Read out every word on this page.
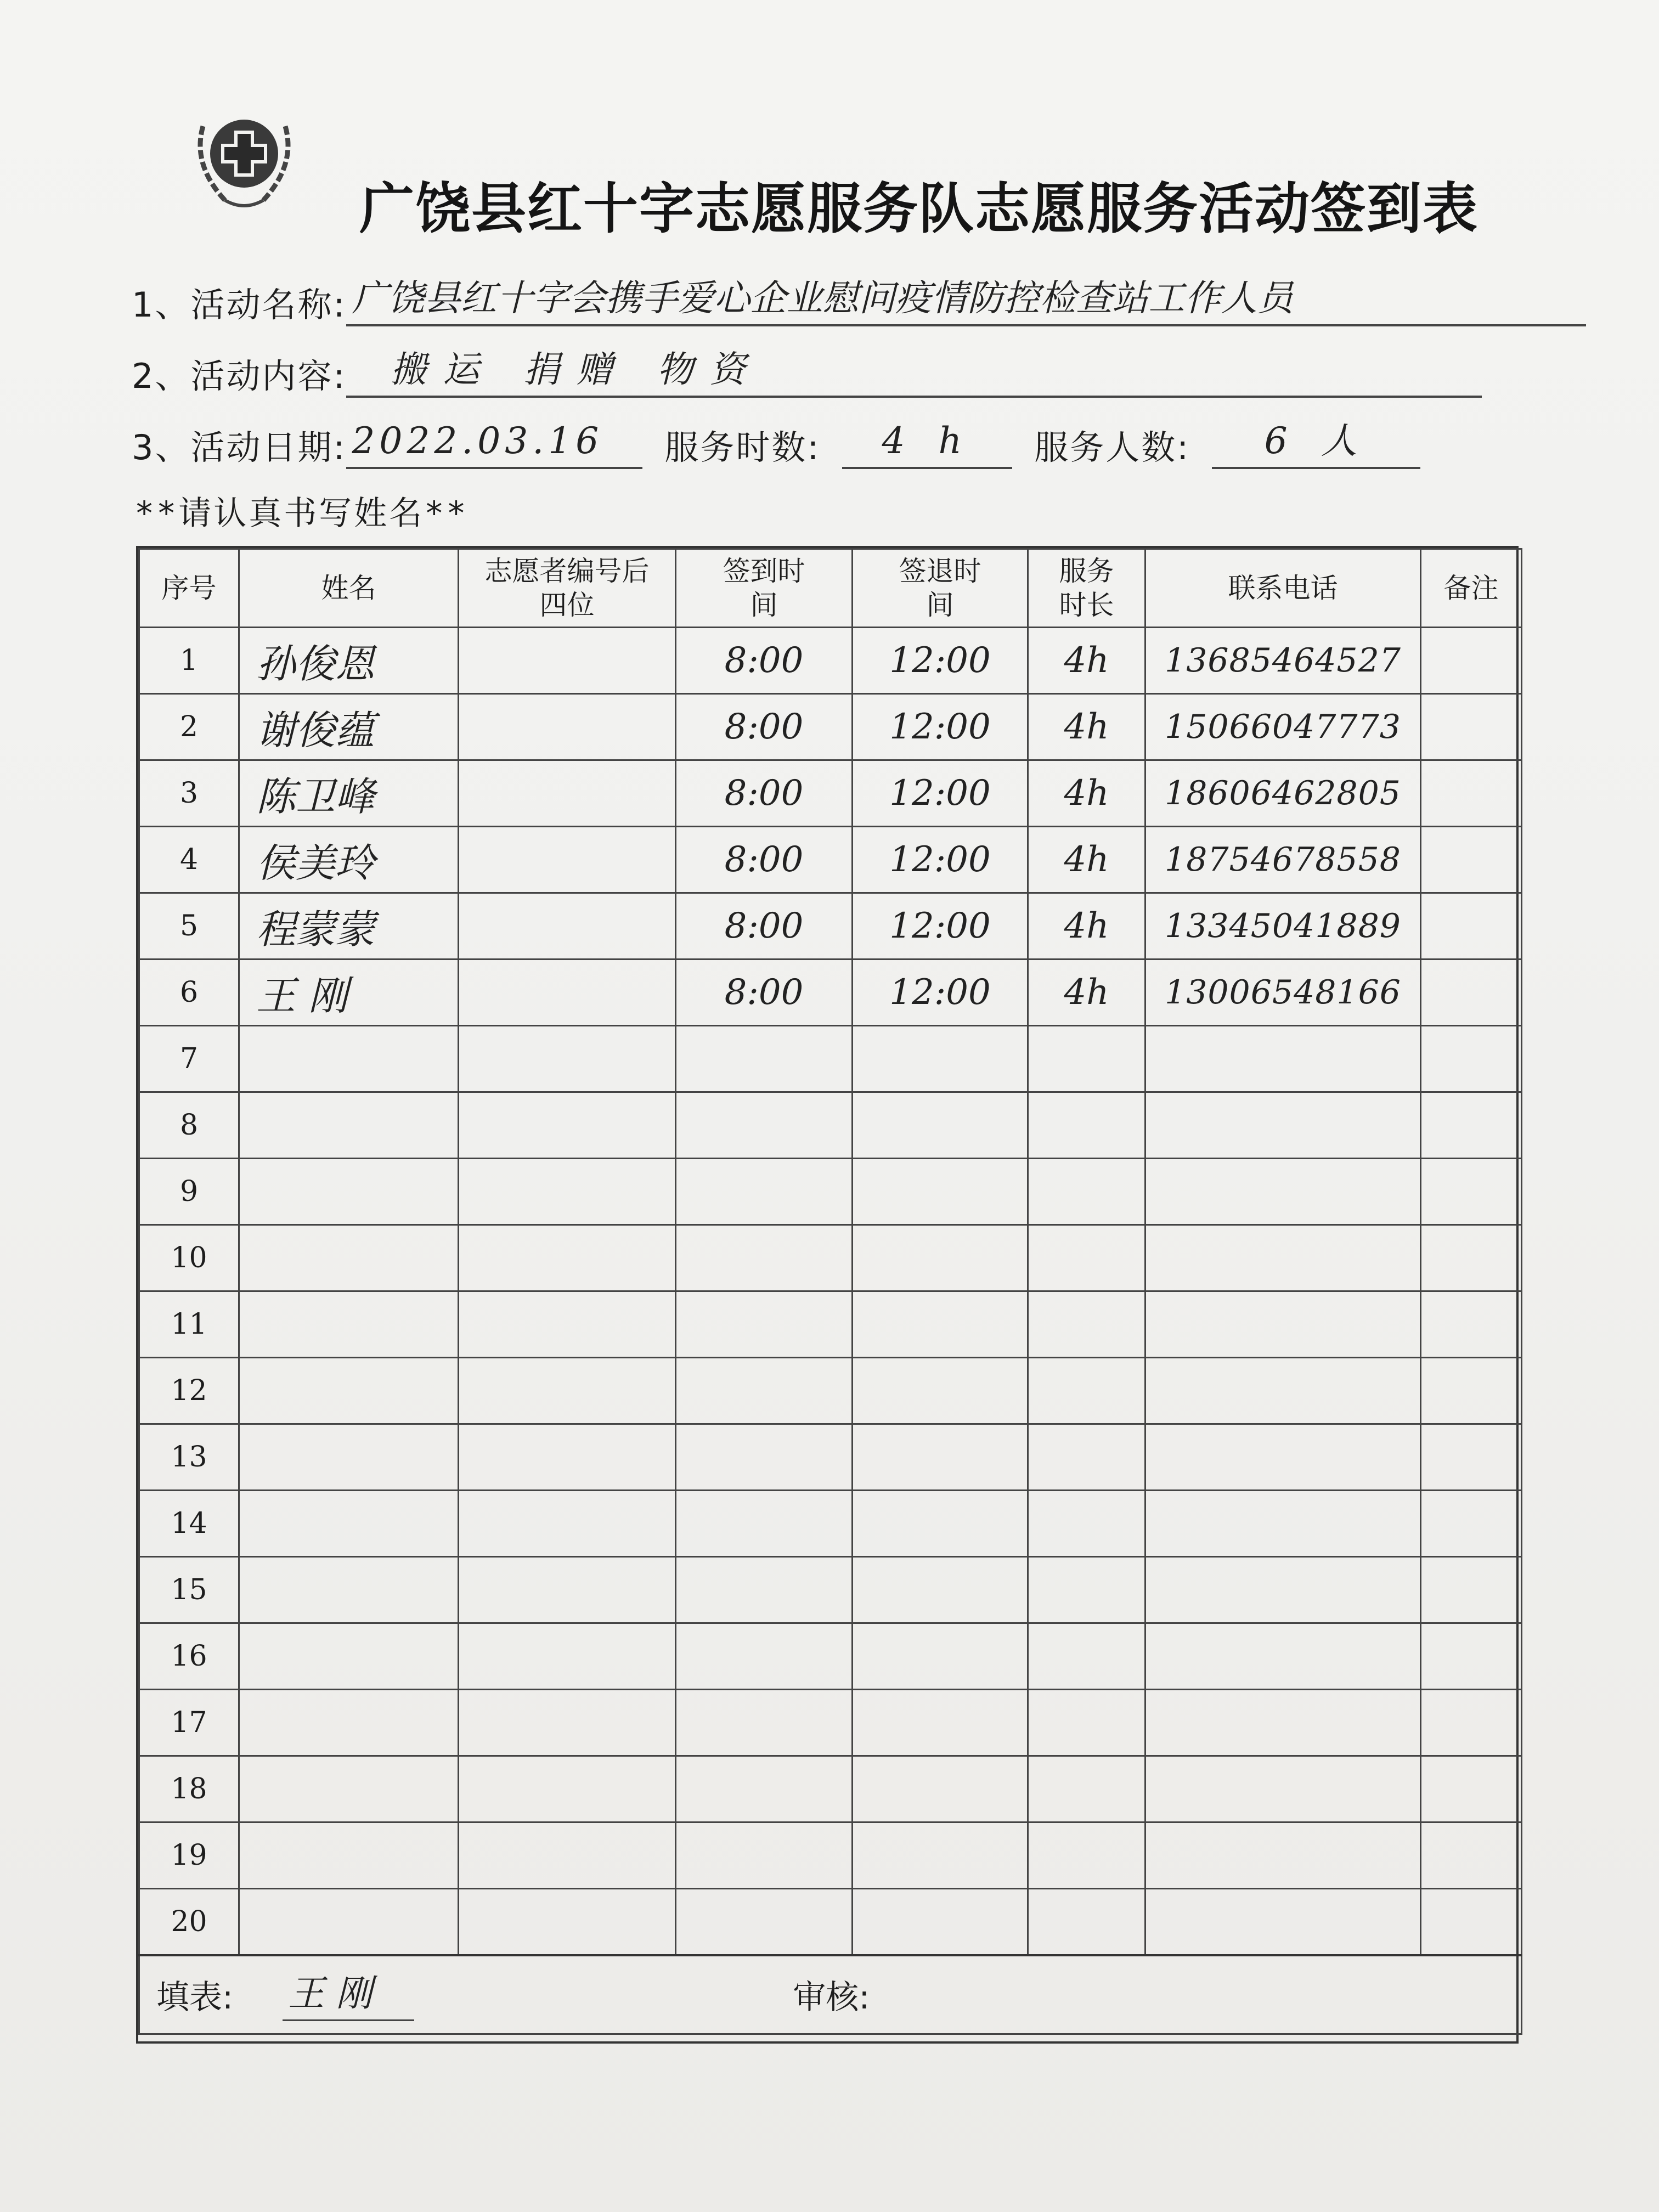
广饶县红十字志愿服务队志愿服务活动签到表
1、活动名称: 广饶县红十字会携手爱心企业慰问疫情防控检查站工作人员
2、活动内容:	搬运 捐赠 物资
3、活动日期: 2022.03.16	服务时数:	4 h	服务人数:	6 人
**请认真书写姓名**
序号	姓名	志愿者编号后四位	签到时间	签退时间	服务时长	联系电话	备注
1	孙俊恩		8:00	12:00	4h	13685464527	
2	谢俊蕴		8:00	12:00	4h	15066047773	
3	陈卫峰		8:00	12:00	4h	18606462805	
4	侯美玲		8:00	12:00	4h	18754678558	
5	程蒙蒙		8:00	12:00	4h	13345041889	
6	王 刚		8:00	12:00	4h	13006548166	
7							
8							
9							
10							
11							
12							
13							
14							
15							
16							
17							
18							
19							
20							

填表: 王 刚 审核:							
